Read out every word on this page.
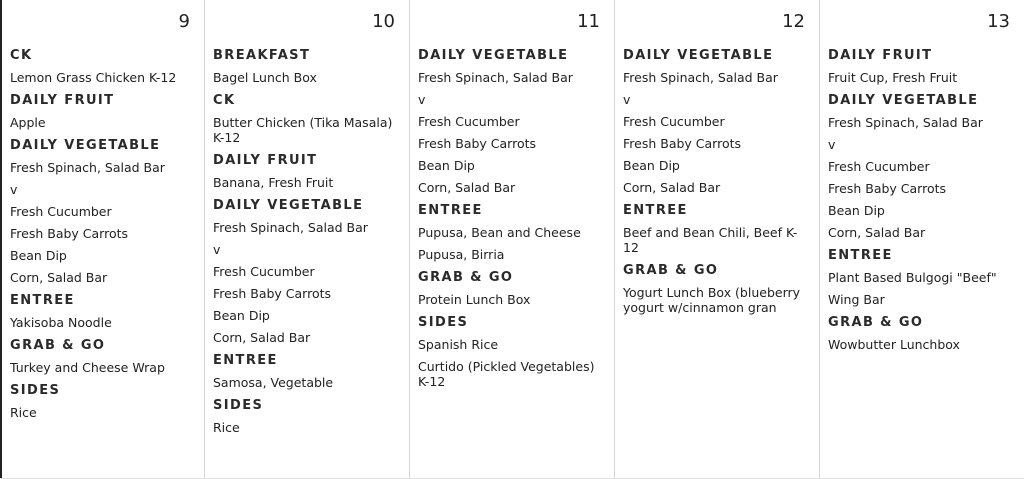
9
CK
Lemon Grass Chicken K-12
DAILY FRUIT
Apple
DAILY VEGETABLE
Fresh Spinach, Salad Bar
v
Fresh Cucumber
Fresh Baby Carrots
Bean Dip
Corn, Salad Bar
ENTREE
Yakisoba Noodle
GRAB & GO
Turkey and Cheese Wrap
SIDES
Rice
10
BREAKFAST
Bagel Lunch Box
CK
Butter Chicken (Tika Masala) K-12
DAILY FRUIT
Banana, Fresh Fruit
DAILY VEGETABLE
Fresh Spinach, Salad Bar
v
Fresh Cucumber
Fresh Baby Carrots
Bean Dip
Corn, Salad Bar
ENTREE
Samosa, Vegetable
SIDES
Rice
11
DAILY VEGETABLE
Fresh Spinach, Salad Bar
v
Fresh Cucumber
Fresh Baby Carrots
Bean Dip
Corn, Salad Bar
ENTREE
Pupusa, Bean and Cheese
Pupusa, Birria
GRAB & GO
Protein Lunch Box
SIDES
Spanish Rice
Curtido (Pickled Vegetables) K-12
12
DAILY VEGETABLE
Fresh Spinach, Salad Bar
v
Fresh Cucumber
Fresh Baby Carrots
Bean Dip
Corn, Salad Bar
ENTREE
Beef and Bean Chili, Beef K-12
GRAB & GO
Yogurt Lunch Box (blueberry yogurt w/cinnamon gran
13
DAILY FRUIT
Fruit Cup, Fresh Fruit
DAILY VEGETABLE
Fresh Spinach, Salad Bar
v
Fresh Cucumber
Fresh Baby Carrots
Bean Dip
Corn, Salad Bar
ENTREE
Plant Based Bulgogi "Beef"
Wing Bar
GRAB & GO
Wowbutter Lunchbox
